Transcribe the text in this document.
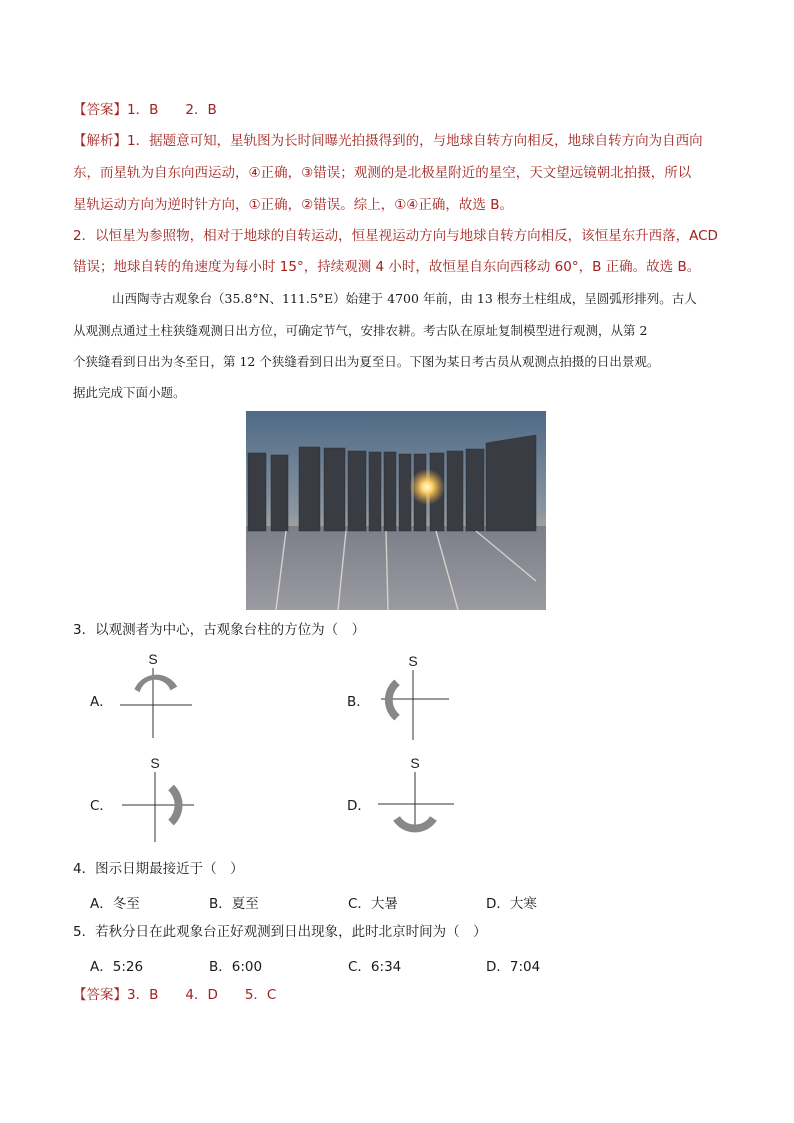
【答案】1．B　　2．B
【解析】1．据题意可知，星轨图为长时间曝光拍摄得到的，与地球自转方向相反，地球自转方向为自西向
东，而星轨为自东向西运动，④正确，③错误；观测的是北极星附近的星空，天文望远镜朝北拍摄，所以
星轨运动方向为逆时针方向，①正确，②错误。综上，①④正确，故选 B。
2．以恒星为参照物，相对于地球的自转运动，恒星视运动方向与地球自转方向相反，该恒星东升西落，ACD
错误；地球自转的角速度为每小时 15°，持续观测 4 小时，故恒星自东向西移动 60°，B 正确。故选 B。
山西陶寺古观象台（35.8°N、111.5°E）始建于 4700 年前，由 13 根夯土柱组成，呈圆弧形排列。古人
从观测点通过土柱狭缝观测日出方位，可确定节气，安排农耕。考古队在原址复制模型进行观测，从第 2
个狭缝看到日出为冬至日，第 12 个狭缝看到日出为夏至日。下图为某日考古员从观测点拍摄的日出景观。
据此完成下面小题。
3．以观测者为中心，古观象台柱的方位为（　）
A．
S
B．
S
C．
S
D．
S
4．图示日期最接近于（　）
A．冬至	B．夏至	C．大暑	D．大寒
5．若秋分日在此观象台正好观测到日出现象，此时北京时间为（　）
A．5:26	B．6:00	C．6:34	D．7:04
【答案】3．B　　4．D　　5．C
